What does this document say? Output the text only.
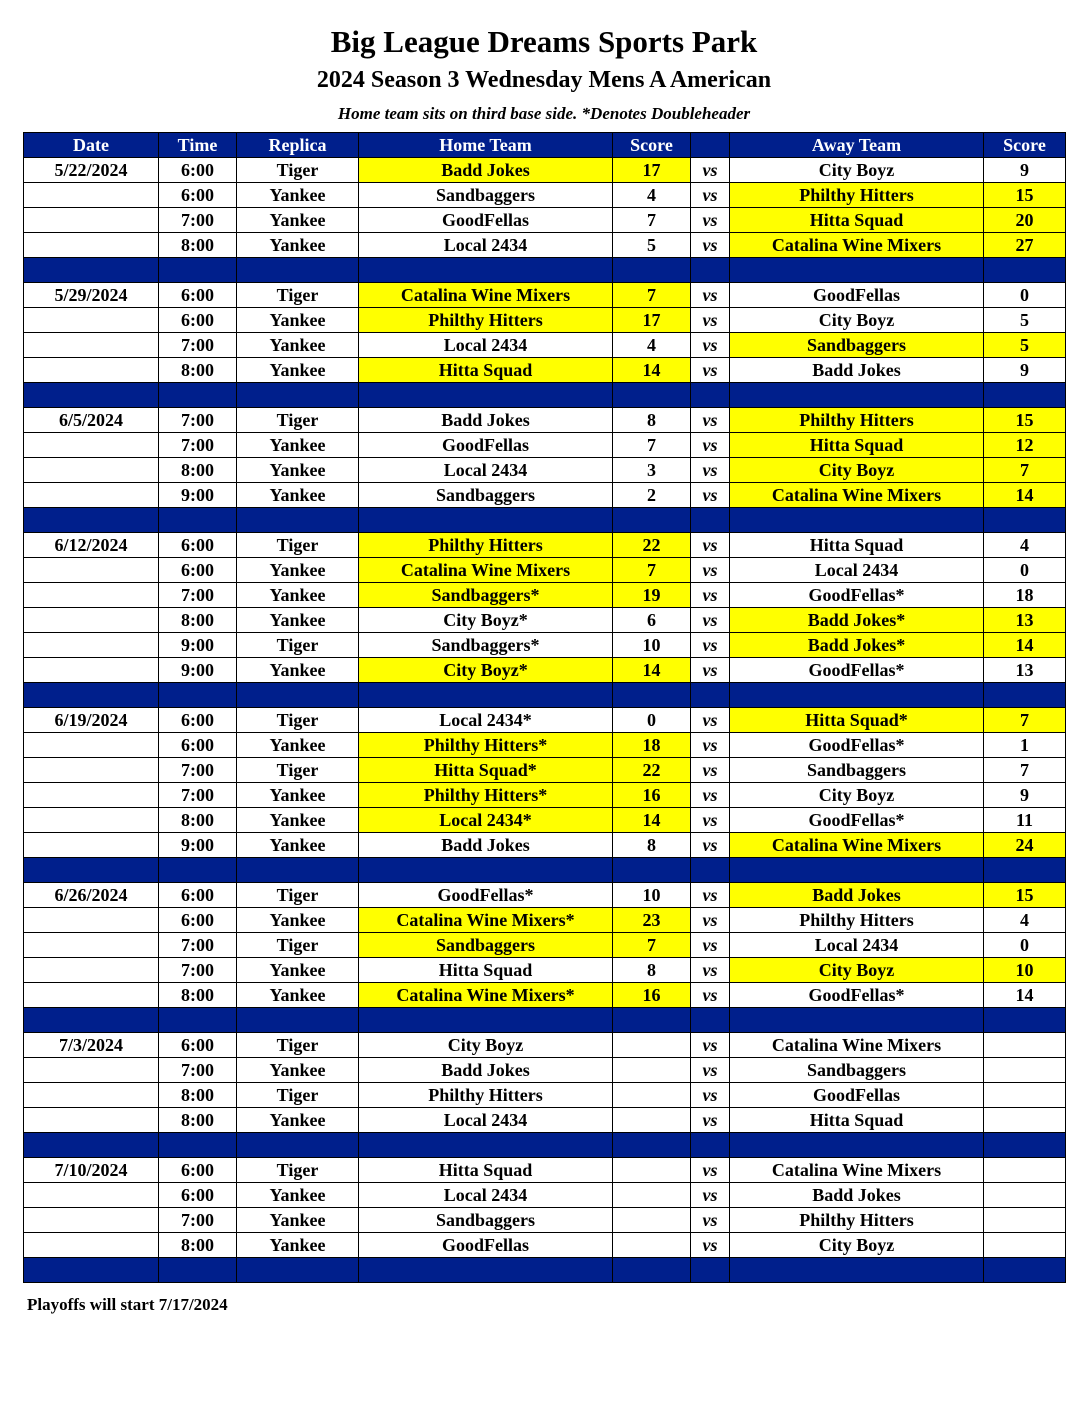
Big League Dreams Sports Park
2024 Season 3 Wednesday Mens A American
Home team sits on third base side. *Denotes Doubleheader
Date	Time	Replica	Home Team	Score		Away Team	Score
5/22/2024	6:00	Tiger	Badd Jokes	17	vs	City Boyz	9
	6:00	Yankee	Sandbaggers	4	vs	Philthy Hitters	15
	7:00	Yankee	GoodFellas	7	vs	Hitta Squad	20
	8:00	Yankee	Local 2434	5	vs	Catalina Wine Mixers	27

5/29/2024	6:00	Tiger	Catalina Wine Mixers	7	vs	GoodFellas	0
	6:00	Yankee	Philthy Hitters	17	vs	City Boyz	5
	7:00	Yankee	Local 2434	4	vs	Sandbaggers	5
	8:00	Yankee	Hitta Squad	14	vs	Badd Jokes	9

6/5/2024	7:00	Tiger	Badd Jokes	8	vs	Philthy Hitters	15
	7:00	Yankee	GoodFellas	7	vs	Hitta Squad	12
	8:00	Yankee	Local 2434	3	vs	City Boyz	7
	9:00	Yankee	Sandbaggers	2	vs	Catalina Wine Mixers	14

6/12/2024	6:00	Tiger	Philthy Hitters	22	vs	Hitta Squad	4
	6:00	Yankee	Catalina Wine Mixers	7	vs	Local 2434	0
	7:00	Yankee	Sandbaggers*	19	vs	GoodFellas*	18
	8:00	Yankee	City Boyz*	6	vs	Badd Jokes*	13
	9:00	Tiger	Sandbaggers*	10	vs	Badd Jokes*	14
	9:00	Yankee	City Boyz*	14	vs	GoodFellas*	13

6/19/2024	6:00	Tiger	Local 2434*	0	vs	Hitta Squad*	7
	6:00	Yankee	Philthy Hitters*	18	vs	GoodFellas*	1
	7:00	Tiger	Hitta Squad*	22	vs	Sandbaggers	7
	7:00	Yankee	Philthy Hitters*	16	vs	City Boyz	9
	8:00	Yankee	Local 2434*	14	vs	GoodFellas*	11
	9:00	Yankee	Badd Jokes	8	vs	Catalina Wine Mixers	24

6/26/2024	6:00	Tiger	GoodFellas*	10	vs	Badd Jokes	15
	6:00	Yankee	Catalina Wine Mixers*	23	vs	Philthy Hitters	4
	7:00	Tiger	Sandbaggers	7	vs	Local 2434	0
	7:00	Yankee	Hitta Squad	8	vs	City Boyz	10
	8:00	Yankee	Catalina Wine Mixers*	16	vs	GoodFellas*	14

7/3/2024	6:00	Tiger	City Boyz		vs	Catalina Wine Mixers	
	7:00	Yankee	Badd Jokes		vs	Sandbaggers	
	8:00	Tiger	Philthy Hitters		vs	GoodFellas	
	8:00	Yankee	Local 2434		vs	Hitta Squad	

7/10/2024	6:00	Tiger	Hitta Squad		vs	Catalina Wine Mixers	
	6:00	Yankee	Local 2434		vs	Badd Jokes	
	7:00	Yankee	Sandbaggers		vs	Philthy Hitters	
	8:00	Yankee	GoodFellas		vs	City Boyz	

Playoffs will start 7/17/2024
